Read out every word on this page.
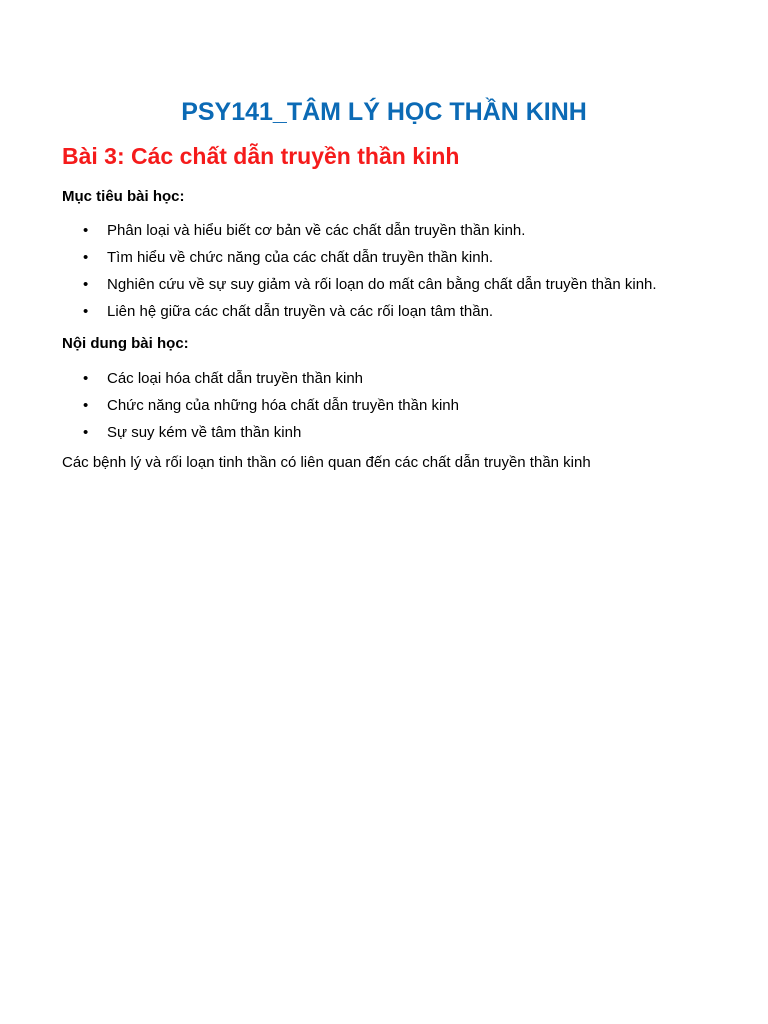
PSY141_TÂM LÝ HỌC THẦN KINH
Bài 3: Các chất dẫn truyền thần kinh

Mục tiêu bài học:

• Phân loại và hiểu biết cơ bản về các chất dẫn truyền thần kinh.
• Tìm hiểu về chức năng của các chất dẫn truyền thần kinh.
• Nghiên cứu về sự suy giảm và rối loạn do mất cân bằng chất dẫn truyền thần kinh.
• Liên hệ giữa các chất dẫn truyền và các rối loạn tâm thần.

Nội dung bài học:

• Các loại hóa chất dẫn truyền thần kinh
• Chức năng của những hóa chất dẫn truyền thần kinh
• Sự suy kém về tâm thần kinh

Các bệnh lý và rối loạn tinh thần có liên quan đến các chất dẫn truyền thần kinh
